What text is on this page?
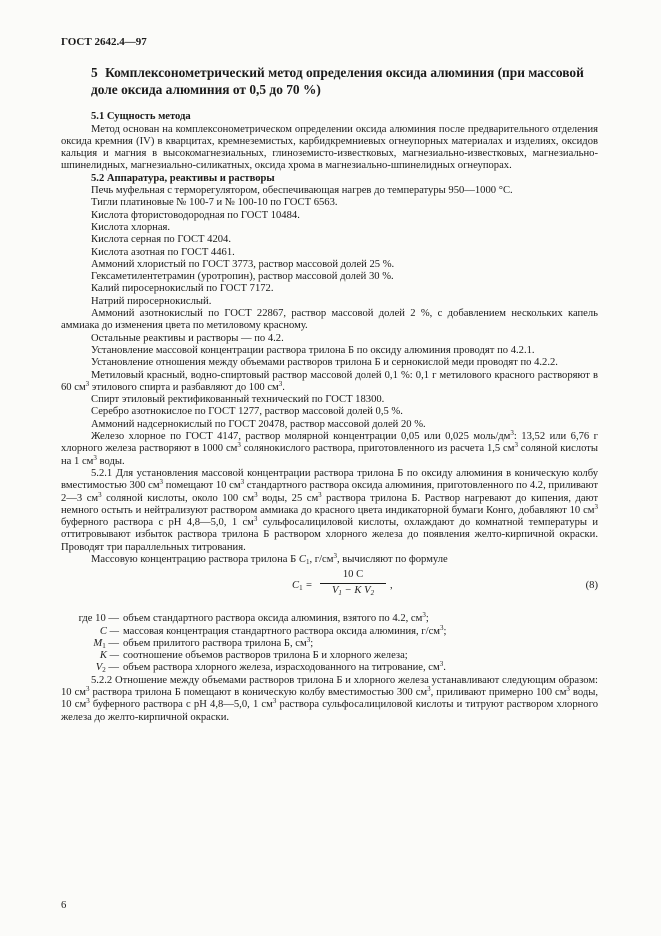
ГОСТ 2642.4—97
5 Комплексонометрический метод определения оксида алюминия (при массовой доле оксида алюминия от 0,5 до 70 %)
5.1 Сущность метода

Метод основан на комплексонометрическом определении оксида алюминия после предварительного отделения оксида кремния (IV) в кварцитах, кремнеземистых, карбидкремниевых огнеупорных материалах и изделиях, оксидов кальция и магния в высокомагнезиальных, глиноземисто-известковых, магнезиально-известковых, магнезиально-шпинелидных, магнезиально-силикатных, оксида хрома в магнезиально-шпинелидных огнеупорах.

5.2 Аппаратура, реактивы и растворы

Печь муфельная с терморегулятором, обеспечивающая нагрев до температуры 950—1000 °С.

Тигли платиновые № 100-7 и № 100-10 по ГОСТ 6563.

Кислота фтористоводородная по ГОСТ 10484.

Кислота хлорная.

Кислота серная по ГОСТ 4204.

Кислота азотная по ГОСТ 4461.

Аммоний хлористый по ГОСТ 3773, раствор массовой долей 25 %.

Гексаметилентетрамин (уротропин), раствор массовой долей 30 %.

Калий пиросернокислый по ГОСТ 7172.

Натрий пиросернокислый.

Аммоний азотнокислый по ГОСТ 22867, раствор массовой долей 2 %, с добавлением нескольких капель аммиака до изменения цвета по метиловому красному.

Остальные реактивы и растворы — по 4.2.

Установление массовой концентрации раствора трилона Б по оксиду алюминия проводят по 4.2.1.

Установление отношения между объемами растворов трилона Б и сернокислой меди проводят по 4.2.2.

Метиловый красный, водно-спиртовый раствор массовой долей 0,1 %: 0,1 г метилового красного растворяют в 60 $см^3$ этилового спирта и разбавляют до 100 $см^3$.

Спирт этиловый ректификованный технический по ГОСТ 18300.

Серебро азотнокислое по ГОСТ 1277, раствор массовой долей 0,5 %.

Аммоний надсернокислый по ГОСТ 20478, раствор массовой долей 20 %.

Железо хлорное по ГОСТ 4147, раствор молярной концентрации 0,05 или 0,025 моль/$дм^3$: 13,52 или 6,76 г хлорного железа растворяют в 1000 $см^3$ солянокислого раствора, приготовленного из расчета 1,5 $см^3$ соляной кислоты на 1 $см^3$ воды.

5.2.1 Для установления массовой концентрации раствора трилона Б по оксиду алюминия в коническую колбу вместимостью 300 $см^3$ помещают 10 $см^3$ стандартного раствора оксида алюминия, приготовленного по 4.2, приливают 2—3 $см^3$ соляной кислоты, около 100 $см^3$ воды, 25 $см^3$ раствора трилона Б. Раствор нагревают до кипения, дают немного остыть и нейтрализуют раствором аммиака до красного цвета индикаторной бумаги Конго, добавляют 10 $см^3$ буферного раствора с рН 4,8—5,0, 1 $см^3$ сульфосалициловой кислоты, охлаждают до комнатной температуры и оттитровывают избыток раствора трилона Б раствором хлорного железа до появления желто-кирпичной окраски. Проводят три параллельных титрования.

Массовую концентрацию раствора трилона Б $C_1$, $г/см^3$, вычисляют по формуле

$C_1 = \frac{10 C}{V_1 - K V_2}$ ,	(8)
где 10 — объем стандартного раствора оксида алюминия, взятого по 4.2, $см^3$;
C — массовая концентрация стандартного раствора оксида алюминия, $г/см^3$;
$M_1$ — объем прилитого раствора трилона Б, $см^3$;
K — соотношение объемов растворов трилона Б и хлорного железа;
$V_2$ — объем раствора хлорного железа, израсходованного на титрование, $см^3$.

5.2.2 Отношение между объемами растворов трилона Б и хлорного железа устанавливают следующим образом: 10 $см^3$ раствора трилона Б помещают в коническую колбу вместимостью 300 $см^3$, приливают примерно 100 $см^3$ воды, 10 $см^3$ буферного раствора с рН 4,8—5,0, 1 $см^3$ раствора сульфосалициловой кислоты и титруют раствором хлорного железа до желто-кирпичной окраски.

6
